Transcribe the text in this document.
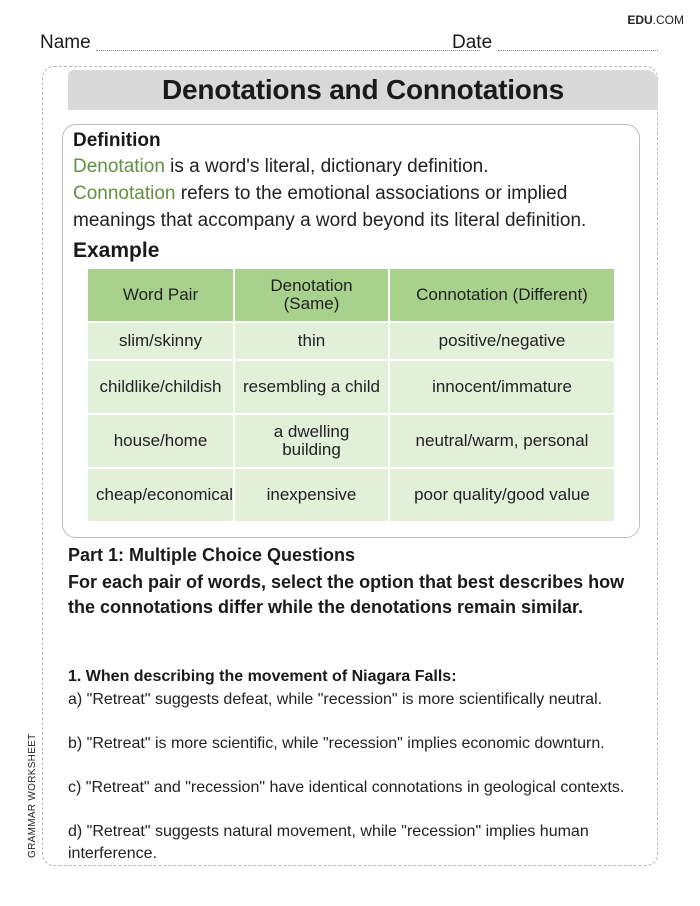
EDU.COM
Name	Date
GRAMMAR WORKSHEET
Denotations and Connotations
Definition
Denotation is a word's literal, dictionary definition.
Connotation refers to the emotional associations or implied
meanings that accompany a word beyond its literal definition.
Example
Word Pair	Denotation (Same)	Connotation (Different)
slim/skinny	thin	positive/negative
childlike/childish	resembling a child	innocent/immature
house/home	a dwelling building	neutral/warm, personal
cheap/economical	inexpensive	poor quality/good value
Part 1: Multiple Choice Questions
For each pair of words, select the option that best describes how the connotations differ while the denotations remain similar.
1. When describing the movement of Niagara Falls:
a) "Retreat" suggests defeat, while "recession" is more scientifically neutral.
b) "Retreat" is more scientific, while "recession" implies economic downturn.
c) "Retreat" and "recession" have identical connotations in geological contexts.
d) "Retreat" suggests natural movement, while "recession" implies human interference.
